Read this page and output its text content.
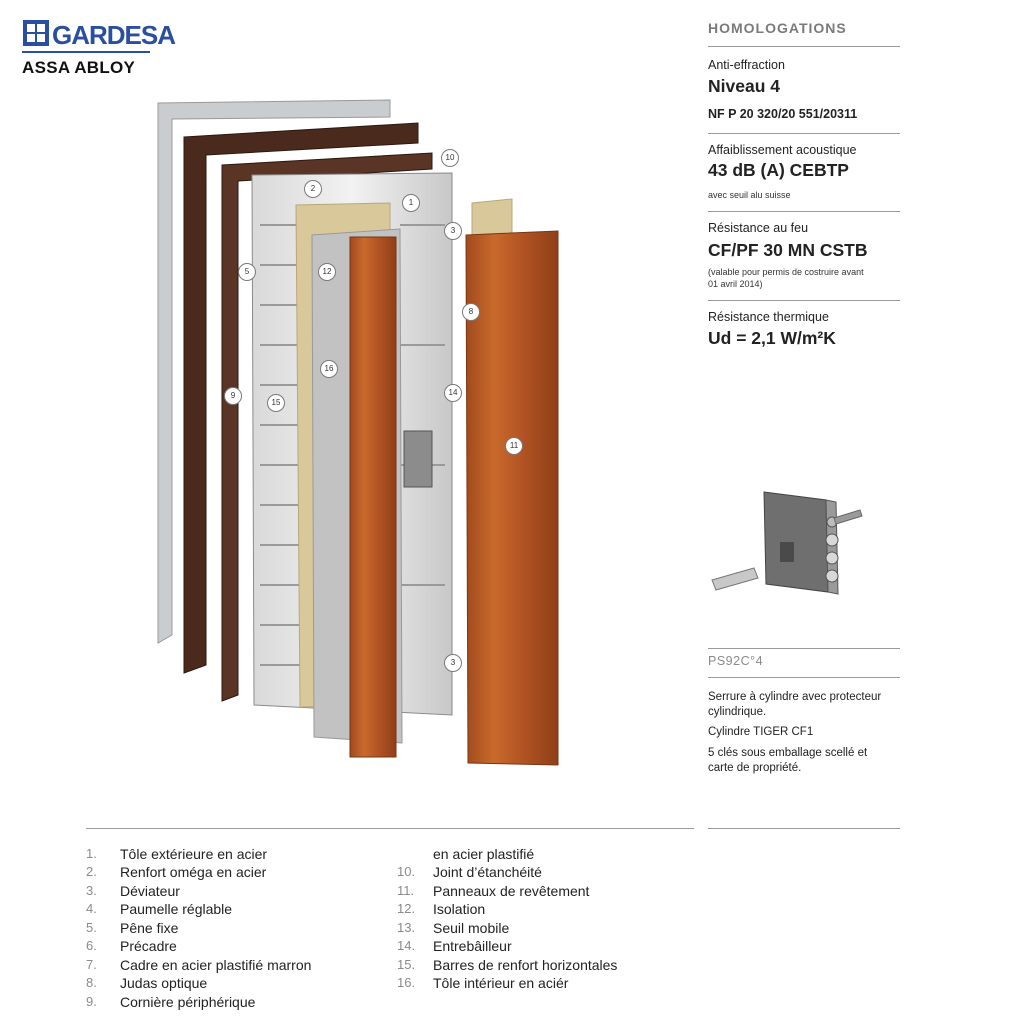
GARDESA
ASSA ABLOY
10
2
1
3
5	12
8
16
9
15
14
11
3
HOMOLOGATIONS
Anti-effraction
Niveau 4
NF P 20 320/20 551/20311
Affaiblissement acoustique
43 dB (A) CEBTP
avec seuil alu suisse
Résistance au feu
CF/PF 30 MN CSTB
(valable pour permis de costruire avant
01 avril 2014)
Résistance thermique
Ud = 2,1 W/m²K
PS92C°4
Serrure à cylindre avec protecteur
cylindrique.
Cylindre TIGER CF1
5 clés sous emballage scellé et
carte de propriété.
1. Tôle extérieure en acier
2. Renfort oméga en acier
3. Déviateur
4. Paumelle réglable
5. Pêne fixe
6. Précadre
7. Cadre en acier plastifié marron
8. Judas optique
9. Cornière périphérique
en acier plastifié
10. Joint d’étanchéité
11. Panneaux de revêtement
12. Isolation
13. Seuil mobile
14. Entrebâilleur
15. Barres de renfort horizontales
16. Tôle intérieur en aciér
